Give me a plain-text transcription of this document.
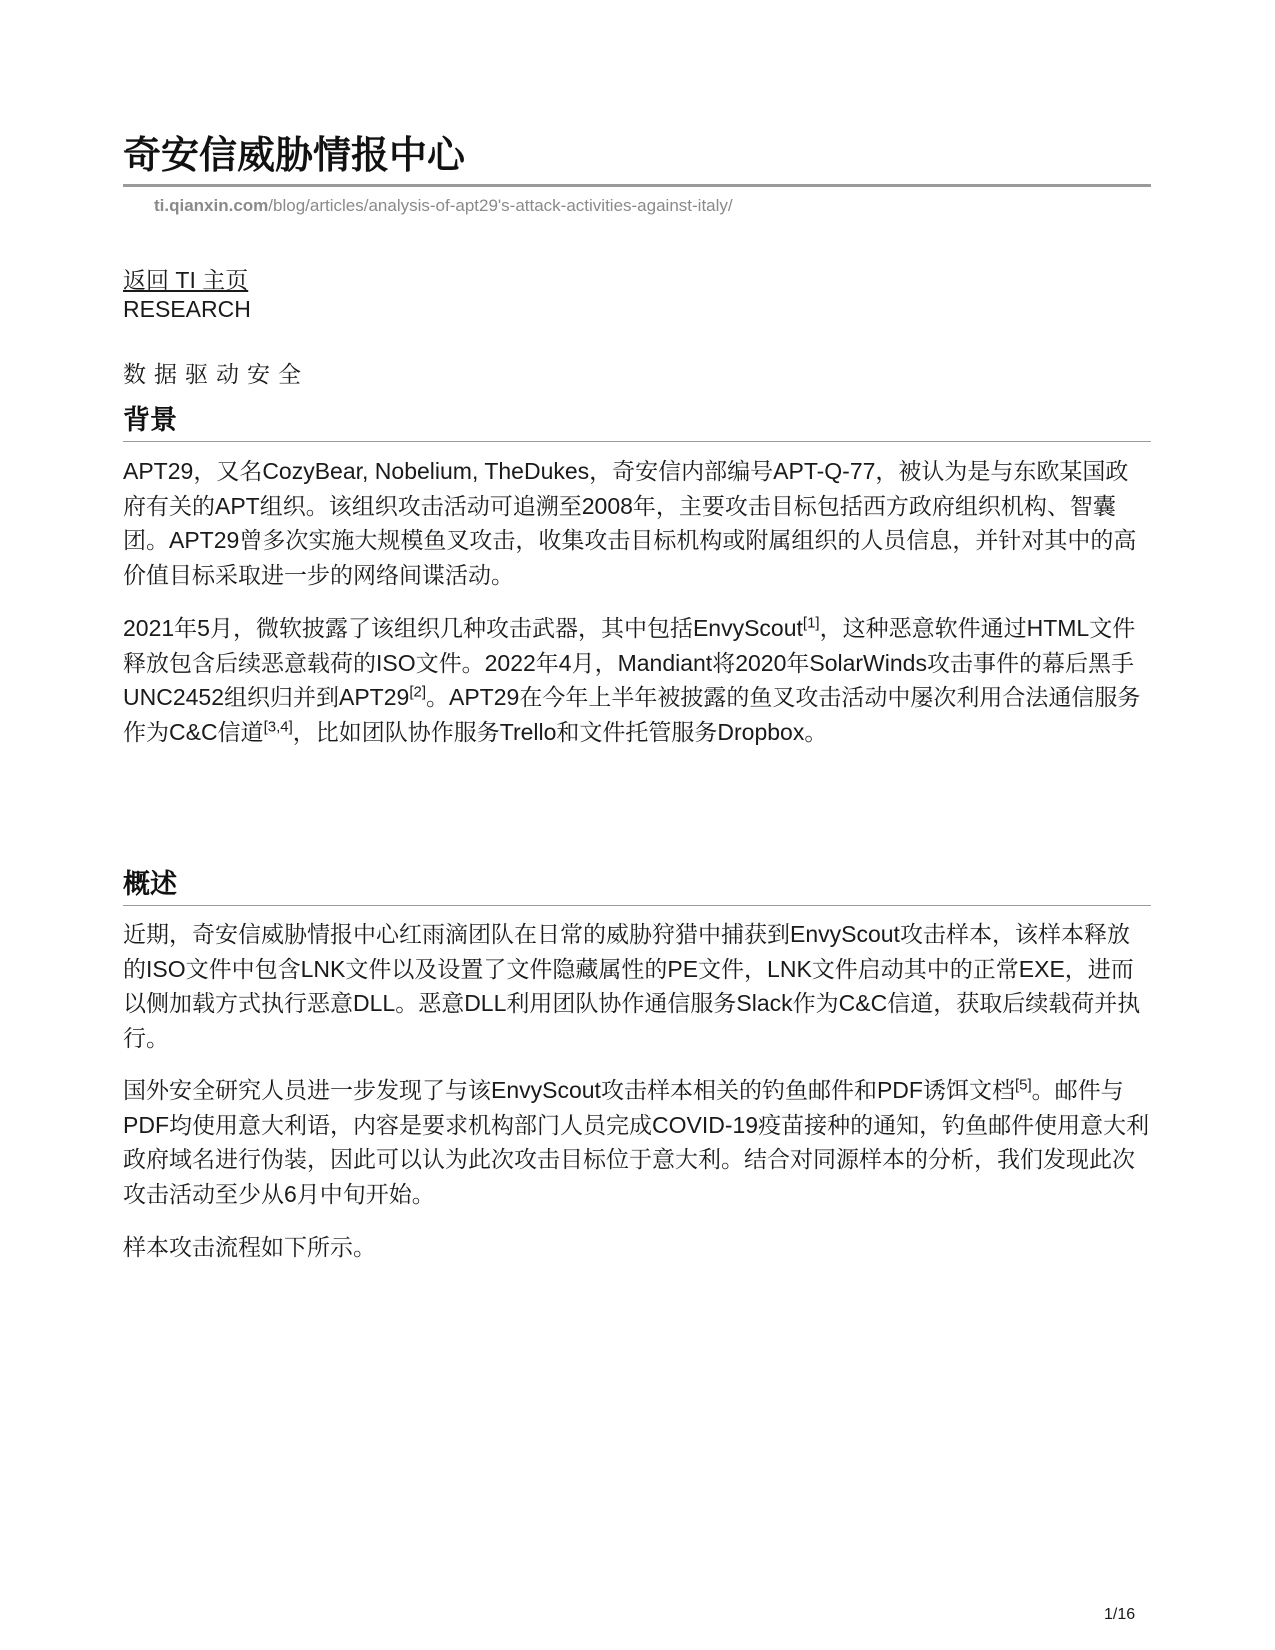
奇安信威胁情报中心
ti.qianxin.com/blog/articles/analysis-of-apt29's-attack-activities-against-italy/
返回 TI 主页
RESEARCH
数据驱动安全
背景

APT29，又名CozyBear, Nobelium, TheDukes，奇安信内部编号APT-Q-77，被认为是与东欧某国政府有关的APT组织。该组织攻击活动可追溯至2008年，主要攻击目标包括西方政府组织机构、智囊团。APT29曾多次实施大规模鱼叉攻击，收集攻击目标机构或附属组织的人员信息，并针对其中的高价值目标采取进一步的网络间谍活动。

2021年5月，微软披露了该组织几种攻击武器，其中包括EnvyScout[1]，这种恶意软件通过HTML文件释放包含后续恶意载荷的ISO文件。2022年4月，Mandiant将2020年SolarWinds攻击事件的幕后黑手UNC2452组织归并到APT29[2]。APT29在今年上半年被披露的鱼叉攻击活动中屡次利用合法通信服务作为C&C信道[3,4]，比如团队协作服务Trello和文件托管服务Dropbox。

概述

近期，奇安信威胁情报中心红雨滴团队在日常的威胁狩猎中捕获到EnvyScout攻击样本，该样本释放的ISO文件中包含LNK文件以及设置了文件隐藏属性的PE文件，LNK文件启动其中的正常EXE，进而以侧加载方式执行恶意DLL。恶意DLL利用团队协作通信服务Slack作为C&C信道，获取后续载荷并执行。

国外安全研究人员进一步发现了与该EnvyScout攻击样本相关的钓鱼邮件和PDF诱饵文档[5]。邮件与PDF均使用意大利语，内容是要求机构部门人员完成COVID-19疫苗接种的通知，钓鱼邮件使用意大利政府域名进行伪装，因此可以认为此次攻击目标位于意大利。结合对同源样本的分析，我们发现此次攻击活动至少从6月中旬开始。

样本攻击流程如下所示。

1/16
